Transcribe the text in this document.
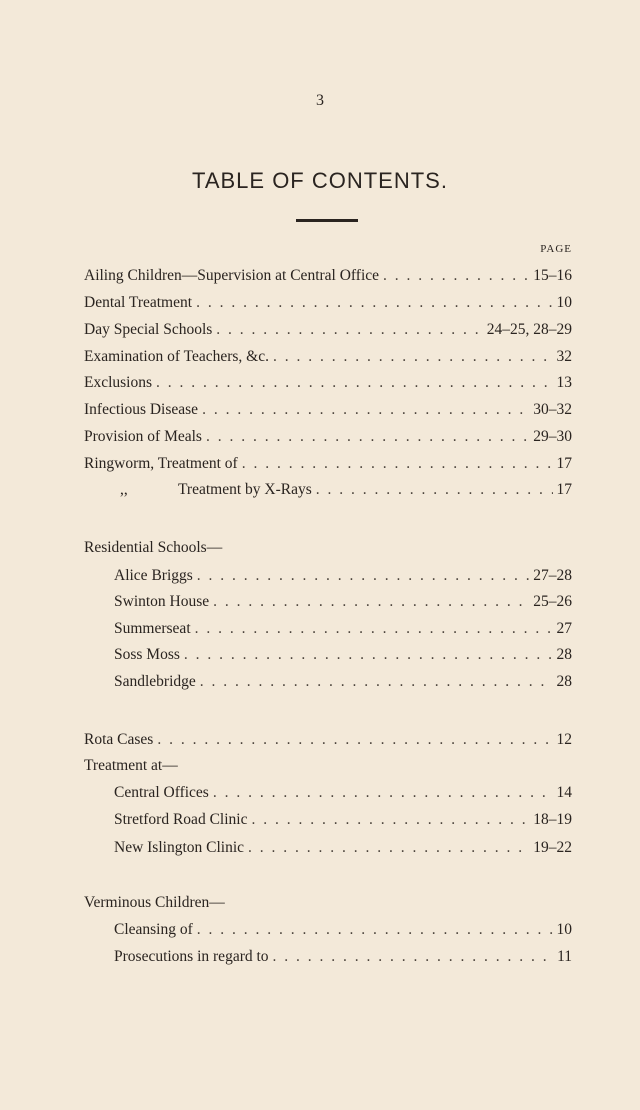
3
TABLE OF CONTENTS.
PAGE
Ailing Children—Supervision at Central Office . . .	15–16
Dental Treatment . . .	10
Day Special Schools . . .	24–25, 28–29
Examination of Teachers, &c. . . .	32
Exclusions . . .	13
Infectious Disease . . .	30–32
Provision of Meals . . .	29–30
Ringworm, Treatment of . . .	17
,,	Treatment by X-Rays . . .	17
Residential Schools—
Alice Briggs . . .	27–28
Swinton House . . .	25–26
Summerseat . . .	27
Soss Moss . . .	28
Sandlebridge . . .	28
Rota Cases . . .	12
Treatment at—
Central Offices . . .	14
Stretford Road Clinic . . .	18–19
New Islington Clinic . . .	19–22
Verminous Children—
Cleansing of . . .	10
Prosecutions in regard to . . .	11
